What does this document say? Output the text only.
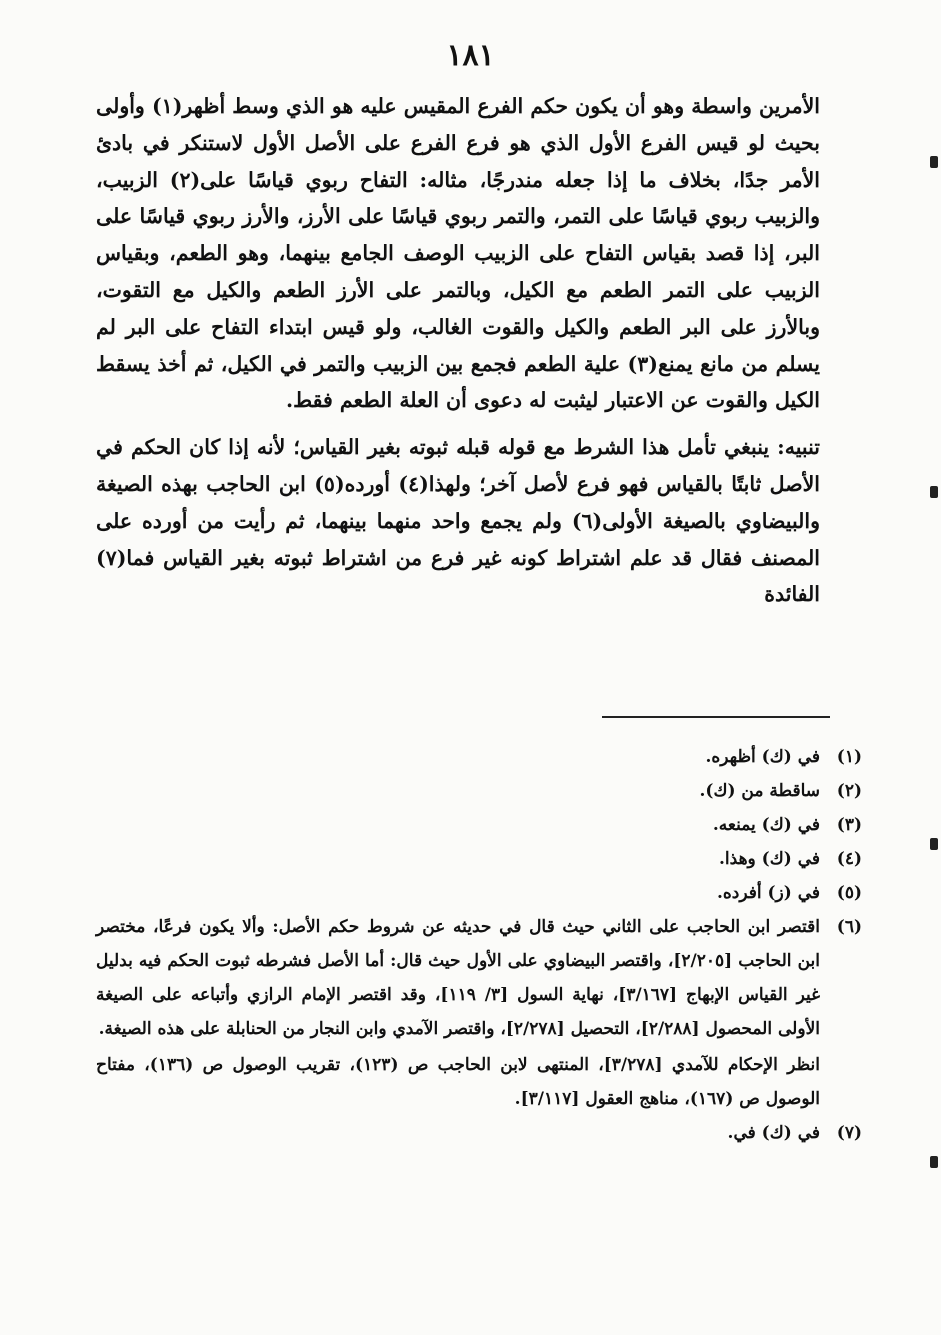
١٨١
الأمرين واسطة وهو أن يكون حكم الفرع المقيس عليه هو الذي وسط أظهر(١) وأولى بحيث لو قيس الفرع الأول الذي هو فرع الفرع على الأصل الأول لاستنكر في بادئ الأمر جدًا، بخلاف ما إذا جعله مندرجًا، مثاله: التفاح ربوي قياسًا على(٢) الزبيب، والزبيب ربوي قياسًا على التمر، والتمر ربوي قياسًا على الأرز، والأرز ربوي قياسًا على البر، إذا قصد بقياس التفاح على الزبيب الوصف الجامع بينهما، وهو الطعم، وبقياس الزبيب على التمر الطعم مع الكيل، وبالتمر على الأرز الطعم والكيل مع التقوت، وبالأرز على البر الطعم والكيل والقوت الغالب، ولو قيس ابتداء التفاح على البر لم يسلم من مانع يمنع(٣) علية الطعم فجمع بين الزبيب والتمر في الكيل، ثم أخذ يسقط الكيل والقوت عن الاعتبار ليثبت له دعوى أن العلة الطعم فقط.
تنبيه: ينبغي تأمل هذا الشرط مع قوله قبله ثبوته بغير القياس؛ لأنه إذا كان الحكم في الأصل ثابتًا بالقياس فهو فرع لأصل آخر؛ ولهذا(٤) أورده(٥) ابن الحاجب بهذه الصيغة والبيضاوي بالصيغة الأولى(٦) ولم يجمع واحد منهما بينهما، ثم رأيت من أورده على المصنف فقال قد علم اشتراط كونه غير فرع من اشتراط ثبوته بغير القياس فما(٧) الفائدة
(١)
في (ك) أظهره.
(٢)
ساقطة من (ك).
(٣)
في (ك) يمنعه.
(٤)
في (ك) وهذا.
(٥)
في (ز) أفرده.
(٦)
اقتصر ابن الحاجب على الثاني حيث قال في حديثه عن شروط حكم الأصل: وألا يكون فرعًا، مختصر ابن الحاجب [٢/٢٠٥]، واقتصر البيضاوي على الأول حيث قال: أما الأصل فشرطه ثبوت الحكم فيه بدليل غير القياس الإبهاج [٣/١٦٧]، نهاية السول [٣/ ١١٩]، وقد اقتصر الإمام الرازي وأتباعه على الصيغة الأولى المحصول [٢/٢٨٨]، التحصيل [٢/٢٧٨]، واقتصر الآمدي وابن النجار من الحنابلة على هذه الصيغة.
انظر الإحكام للآمدي [٣/٢٧٨]، المنتهى لابن الحاجب ص (١٢٣)، تقريب الوصول ص (١٣٦)، مفتاح الوصول ص (١٦٧)، مناهج العقول [٣/١١٧].
(٧)
في (ك) في.
